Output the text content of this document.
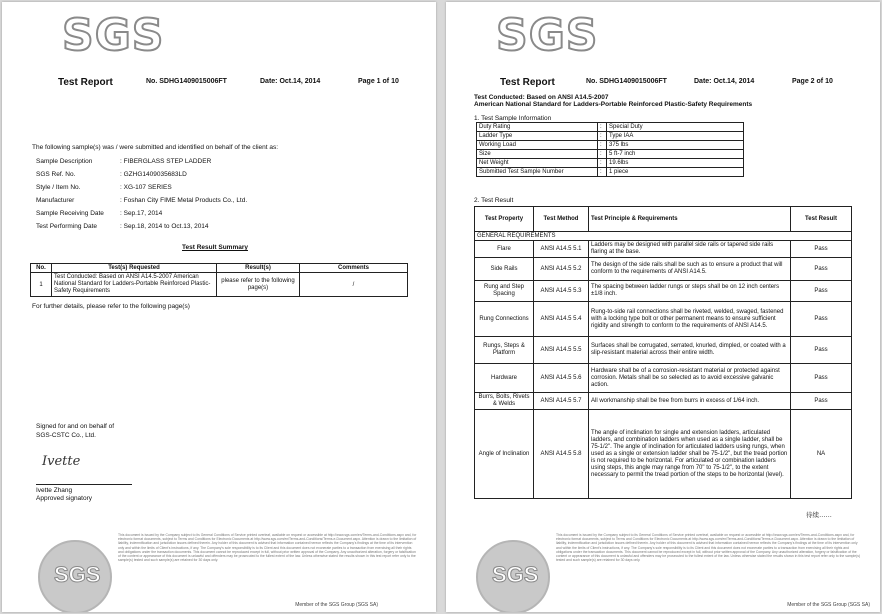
SGS
Test Report	No. SDHG1409015006FT	Date: Oct.14, 2014	Page 1 of 10
The following sample(s) was / were submitted and identified on behalf of the client as:
Sample Description	: FIBERGLASS STEP LADDER
SGS Ref. No.	: GZHG1409035683LD
Style / Item No.	: XG-107 SERIES
Manufacturer	: Foshan City FIME Metal Products Co., Ltd.
Sample Receiving Date : Sep.17, 2014
Test Performing Date	: Sep.18, 2014 to Oct.13, 2014
Test Result Summary
No.	Test(s) Requested	Result(s)	Comments
1	Test Conducted: Based on ANSI A14.5-2007 American National Standard for Ladders-Portable Reinforced Plastic-Safety Requirements	please refer to the following page(s)	/
For further details, please refer to the following page(s)
Signed for and on behalf of
SGS-CSTC Co., Ltd.
Ivette
Ivette Zhang
Approved signatory
SGS
This document is issued by the Company subject to its General Conditions of Service printed overleaf, available on request or accessible at http://www.sgs.com/en/Terms-and-Conditions.aspx and, for electronic format documents, subject to Terms and Conditions for Electronic Documents at http://www.sgs.com/en/Terms-and-Conditions/Terms-e-Document.aspx. Attention is drawn to the limitation of liability, indemnification and jurisdiction issues defined therein. Any holder of this document is advised that information contained hereon reflects the Company's findings at the time of its intervention only and within the limits of Client's instructions, if any. The Company's sole responsibility is to its Client and this document does not exonerate parties to a transaction from exercising all their rights and obligations under the transaction documents. This document cannot be reproduced except in full, without prior written approval of the Company. Any unauthorized alteration, forgery or falsification of the content or appearance of this document is unlawful and offenders may be prosecuted to the fullest extent of the law. Unless otherwise stated the results shown in this test report refer only to the sample(s) tested and such sample(s) are retained for 30 days only.
Member of the SGS Group (SGS SA)
SGS
Test Report	No. SDHG1409015006FT	Date: Oct.14, 2014	Page 2 of 10
Test Conducted: Based on ANSI A14.5-2007
American National Standard for Ladders-Portable Reinforced Plastic-Safety Requirements
1. Test Sample Information
Duty Rating	:	Special Duty
Ladder Type	:	Type IAA
Working Load	:	375 lbs
Size	:	5 ft-7 inch
Net Weight	:	19.6lbs
Submitted Test Sample Number	:	1 piece
2. Test Result
Test Property	Test Method	Test Principle & Requirements	Test Result
GENERAL REQUIREMENTS			
Flare	ANSI A14.5 5.1	Ladders may be designed with parallel side rails or tapered side rails flaring at the base.	Pass
Side Rails	ANSI A14.5 5.2	The design of the side rails shall be such as to ensure a product that will conform to the requirements of ANSI A14.5.	Pass
Rung and Step Spacing	ANSI A14.5 5.3	The spacing between ladder rungs or steps shall be on 12 inch centers ±1/8 inch.	Pass
Rung Connections	ANSI A14.5 5.4	Rung-to-side rail connections shall be riveted, welded, swaged, fastened with a locking type bolt or other permanent means to ensure sufficient rigidity and strength to conform to the requirements of ANSI A14.5.	Pass
Rungs, Steps & Platform	ANSI A14.5 5.5	Surfaces shall be corrugated, serrated, knurled, dimpled, or coated with a slip-resistant material across their entire width.	Pass
Hardware	ANSI A14.5 5.6	Hardware shall be of a corrosion-resistant material or protected against corrosion. Metals shall be so selected as to avoid excessive galvanic action.	Pass
Burrs, Bolts, Rivets & Welds	ANSI A14.5 5.7	All workmanship shall be free from burrs in excess of 1/64 inch.	Pass
Angle of Inclination	ANSI A14.5 5.8	The angle of inclination for single and extension ladders, articulated ladders, and combination ladders when used as a single ladder, shall be 75-1/2". The angle of inclination for articulated ladders using rungs, when used as a single or extension ladder shall be 75-1/2", but the tread portion is not required to be horizontal. For articulated or combination ladders using steps, this angle may range from 70" to 75-1/2", to the extent necessary to permit the tread portion of the steps to be horizontal (level).	NA
待续……
SGS
This document is issued by the Company subject to its General Conditions of Service printed overleaf, available on request or accessible at http://www.sgs.com/en/Terms-and-Conditions.aspx and, for electronic format documents, subject to Terms and Conditions for Electronic Documents at http://www.sgs.com/en/Terms-and-Conditions/Terms-e-Document.aspx. Attention is drawn to the limitation of liability, indemnification and jurisdiction issues defined therein. Any holder of this document is advised that information contained hereon reflects the Company's findings at the time of its intervention only and within the limits of Client's instructions, if any. The Company's sole responsibility is to its Client and this document does not exonerate parties to a transaction from exercising all their rights and obligations under the transaction documents. This document cannot be reproduced except in full, without prior written approval of the Company. Any unauthorized alteration, forgery or falsification of the content or appearance of this document is unlawful and offenders may be prosecuted to the fullest extent of the law. Unless otherwise stated the results shown in this test report refer only to the sample(s) tested and such sample(s) are retained for 30 days only.
Member of the SGS Group (SGS SA)
